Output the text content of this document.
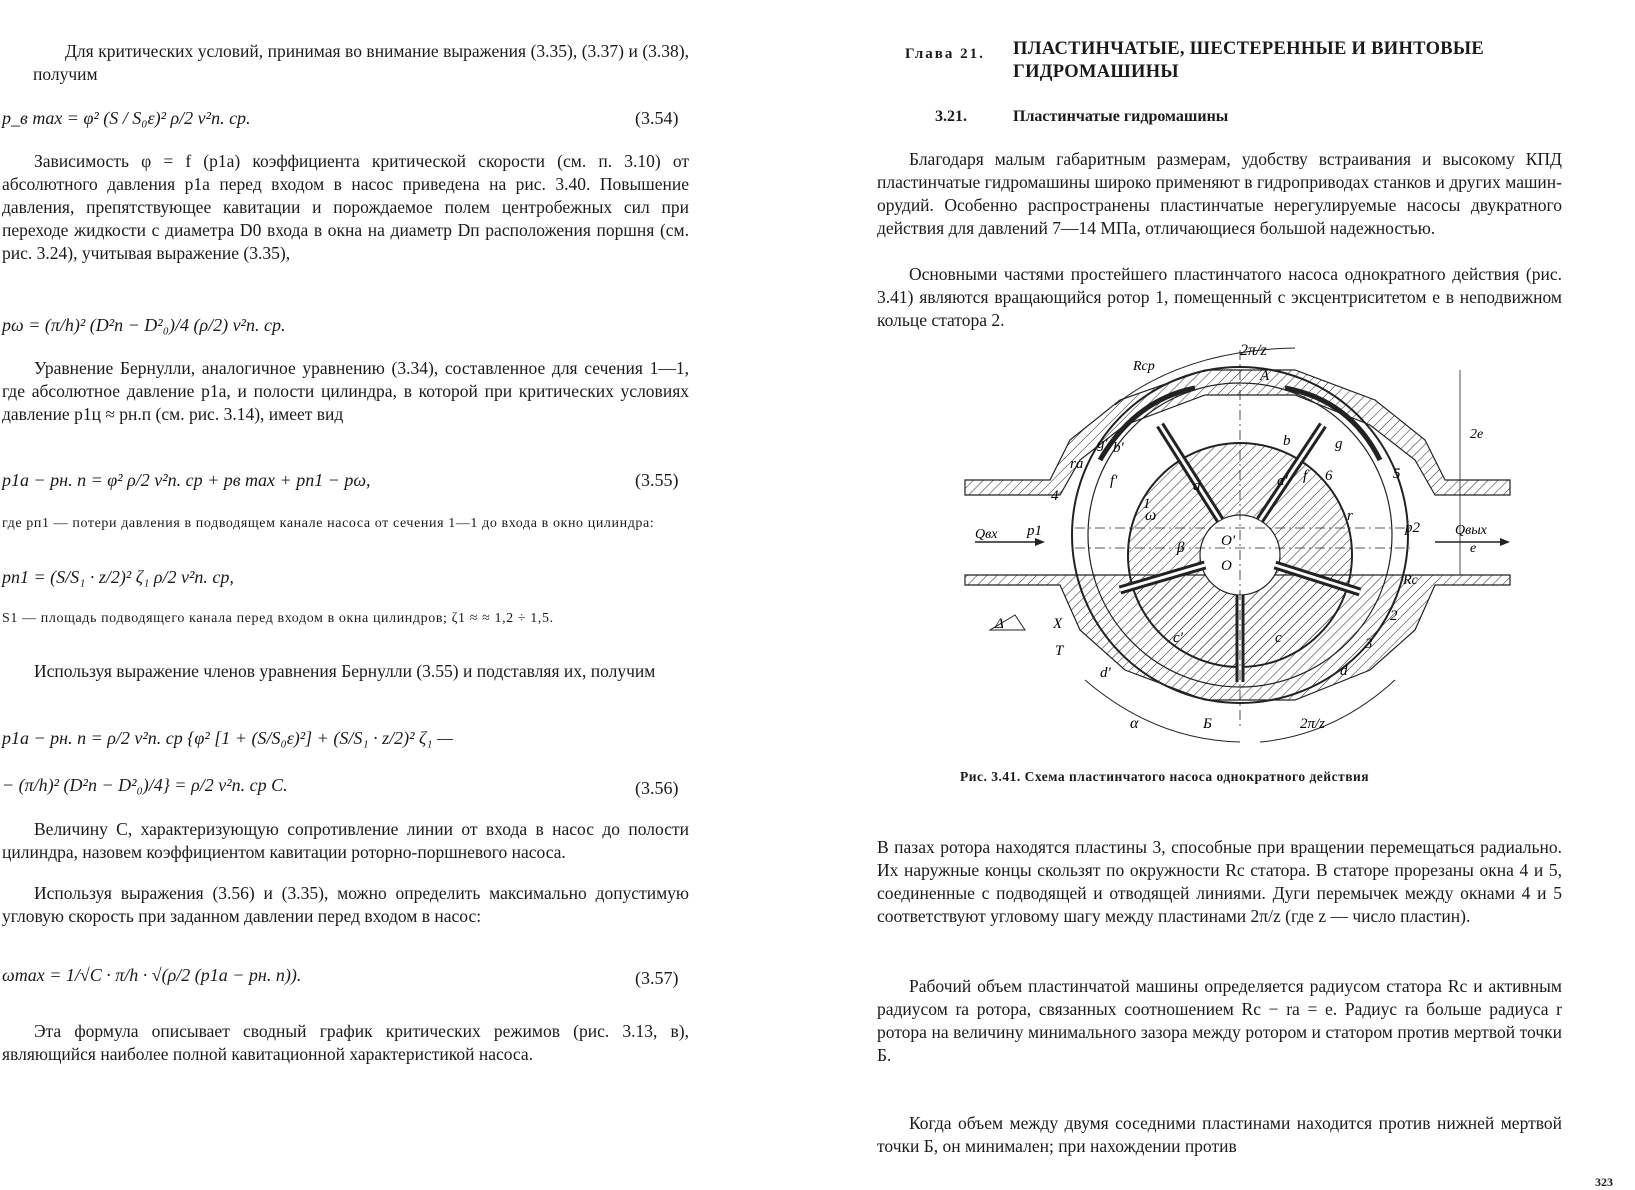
Для критических условий, принимая во внимание выражения (3.35), (3.37) и (3.38), получим

p_в max = φ² (S / S₀ε)² ρ/2 v²п. ср.	(3.54)

Зависимость φ = f (p1a) коэффициента критической скорости (см. п. 3.10) от абсолютного давления p1a перед входом в насос приведена на рис. 3.40. Повышение давления, препятствующее кавитации и порождаемое полем центробежных сил при переходе жидкости с диаметра D0 входа в окна на диаметр Dп расположения поршня (см. рис. 3.24), учитывая выражение (3.35),

pω = (π/h)² (D²п − D²₀)/4 (ρ/2) v²п. ср.

Уравнение Бернулли, аналогичное уравнению (3.34), составленное для сечения 1—1, где абсолютное давление p1a, и полости цилиндра, в которой при критических условиях давление p1ц ≈ pн.п (см. рис. 3.14), имеет вид

p1a − pн. п = φ² ρ/2 v²п. ср + pв max + pп1 − pω,	(3.55)

где pп1 — потери давления в подводящем канале насоса от сечения 1—1 до входа в окно цилиндра:

pп1 = (S/S₁ · z/2)² ζ₁ ρ/2 v²п. ср,

S1 — площадь подводящего канала перед входом в окна цилиндров; ζ1 ≈ ≈ 1,2 ÷ 1,5.

Используя выражение членов уравнения Бернулли (3.55) и подставляя их, получим

p1a − pн. п = ρ/2 v²п. ср {φ² [1 + (S/S₀ε)²] + (S/S₁ · z/2)² ζ₁ —
− (π/h)² (D²п − D²₀)/4} = ρ/2 v²п. ср C.	(3.56)

Величину C, характеризующую сопротивление линии от входа в насос до полости цилиндра, назовем коэффициентом кавитации роторно-поршневого насоса.

Используя выражения (3.56) и (3.35), можно определить максимально допустимую угловую скорость при заданном давлении перед входом в насос:

ωmax = 1/√C · π/h · √(ρ/2 (p1a − pн. п)).	(3.57)

Эта формула описывает сводный график критических режимов (рис. 3.13, в), являющийся наиболее полной кавитационной характеристикой насоса.

Глава 21. ПЛАСТИНЧАТЫЕ, ШЕСТЕРЕННЫЕ И ВИНТОВЫЕ ГИДРОМАШИНЫ
3.21.	Пластинчатые гидромашины

Благодаря малым габаритным размерам, удобству встраивания и высокому КПД пластинчатые гидромашины широко применяют в гидроприводах станков и других машин-орудий. Особенно распространены пластинчатые нерегулируемые насосы двукратного действия для давлений 7—14 МПа, отличающиеся большой надежностью.

Основными частями простейшего пластинчатого насоса однократного действия (рис. 3.41) являются вращающийся ротор 1, помещенный с эксцентриситетом e в неподвижном кольце статора 2.

2π/z
Rcp
A
2e
e
ra
g' b'	b	g
f'	f 6	5
4
a	a'
Qвх p1	p2	Qвых
ω
β O'
O
r
Rc
1
2
3
X
T
Δ
c'	c
d'	d
α	Б	2π/z
Рис. 3.41. Схема пластинчатого насоса однократного действия

В пазах ротора находятся пластины 3, способные при вращении перемещаться радиально. Их наружные концы скользят по окружности Rc статора. В статоре прорезаны окна 4 и 5, соединенные с подводящей и отводящей линиями. Дуги перемычек между окнами 4 и 5 соответствуют угловому шагу между пластинами 2π/z (где z — число пластин).

Рабочий объем пластинчатой машины определяется радиусом статора Rc и активным радиусом ra ротора, связанных соотношением Rc − ra = e. Радиус ra больше радиуса r ротора на величину минимального зазора между ротором и статором против мертвой точки Б.

Когда объем между двумя соседними пластинами находится против нижней мертвой точки Б, он минимален; при нахождении против

323
